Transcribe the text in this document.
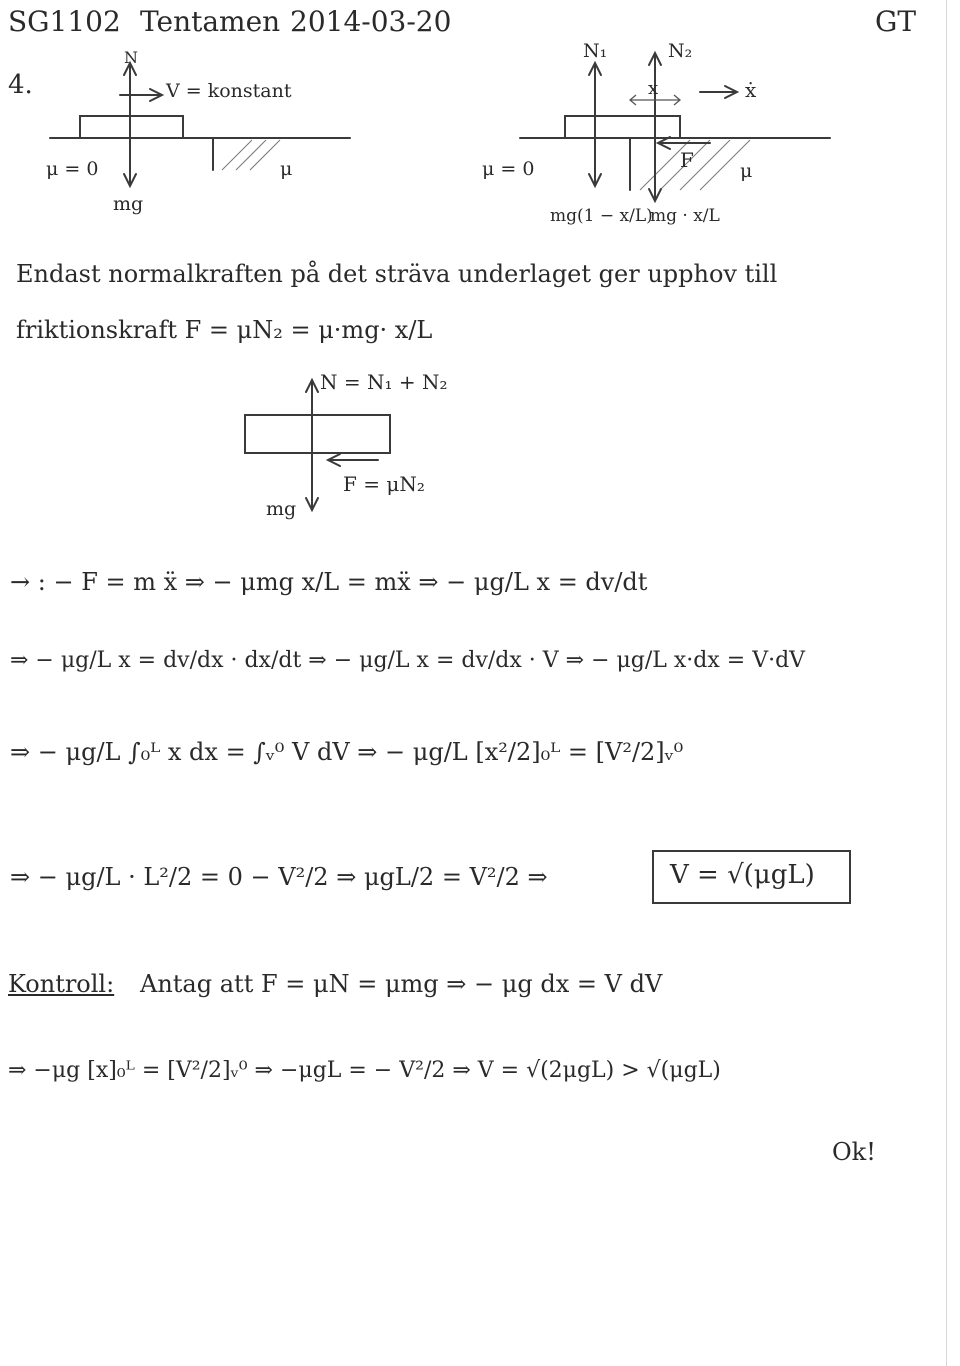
SG1102 Tentamen 2014-03-20	GT
4.
N
V = konstant
μ = 0	μ
mg
N₁	N₂
x	ẋ
F
μ = 0	μ
mg(1 − x/L)
mg · x/L
Endast normalkraften på det sträva underlaget ger upphov till
friktionskraft F = μN₂ = μ·mg· x/L
N = N₁ + N₂
F = μN₂
mg
→ : − F = m ẍ ⇒ − μmg x/L = mẍ ⇒ − μg/L x = dv/dt
⇒ − μg/L x = dv/dx · dx/dt ⇒ − μg/L x = dv/dx · V ⇒ − μg/L x·dx = V·dV
⇒ − μg/L ∫₀ᴸ x dx = ∫ᵥ⁰ V dV ⇒ − μg/L [x²/2]₀ᴸ = [V²/2]ᵥ⁰
⇒ − μg/L · L²/2 = 0 − V²/2 ⇒ μgL/2 = V²/2 ⇒	V = √(μgL)
Kontroll: Antag att F = μN = μmg ⇒ − μg dx = V dV
⇒ −μg [x]₀ᴸ = [V²/2]ᵥ⁰ ⇒ −μgL = − V²/2 ⇒ V = √(2μgL) > √(μgL)
Ok!
